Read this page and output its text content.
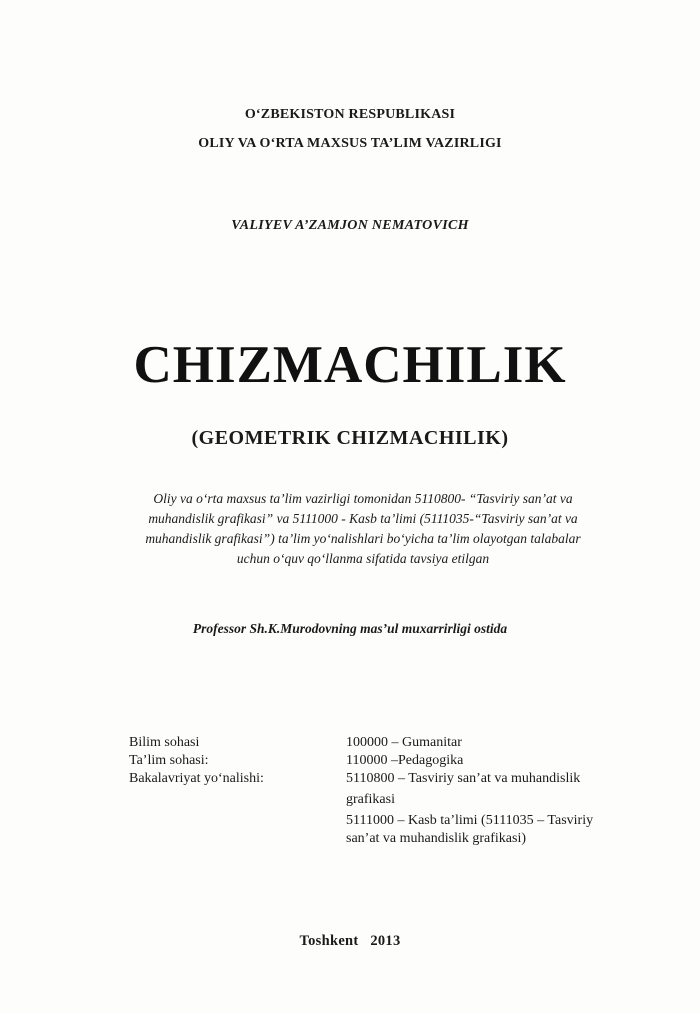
O‘ZBEKISTON RESPUBLIKASI
OLIY VA O‘RTA MAXSUS TA’LIM VAZIRLIGI
VALIYEV A’ZAMJON NEMATOVICH
CHIZMACHILIK
(GEOMETRIK CHIZMACHILIK)
Oliy va o‘rta maxsus ta’lim vazirligi tomonidan 5110800- “Tasviriy san’at va
muhandislik grafikasi” va 5111000 - Kasb ta’limi (5111035-“Tasviriy san’at va
muhandislik grafikasi”) ta’lim yo‘nalishlari bo‘yicha ta’lim olayotgan talabalar
uchun o‘quv qo‘llanma sifatida tavsiya etilgan
Professor Sh.K.Murodovning mas’ul muxarrirligi ostida
Bilim sohasi	100000 – Gumanitar
Ta’lim sohasi:	110000 –Pedagogika
Bakalavriyat yo‘nalishi:	5110800 – Tasviriy san’at va muhandislik
grafikasi
5111000 – Kasb ta’limi (5111035 – Tasviriy
san’at va muhandislik grafikasi)
Toshkent   2013
